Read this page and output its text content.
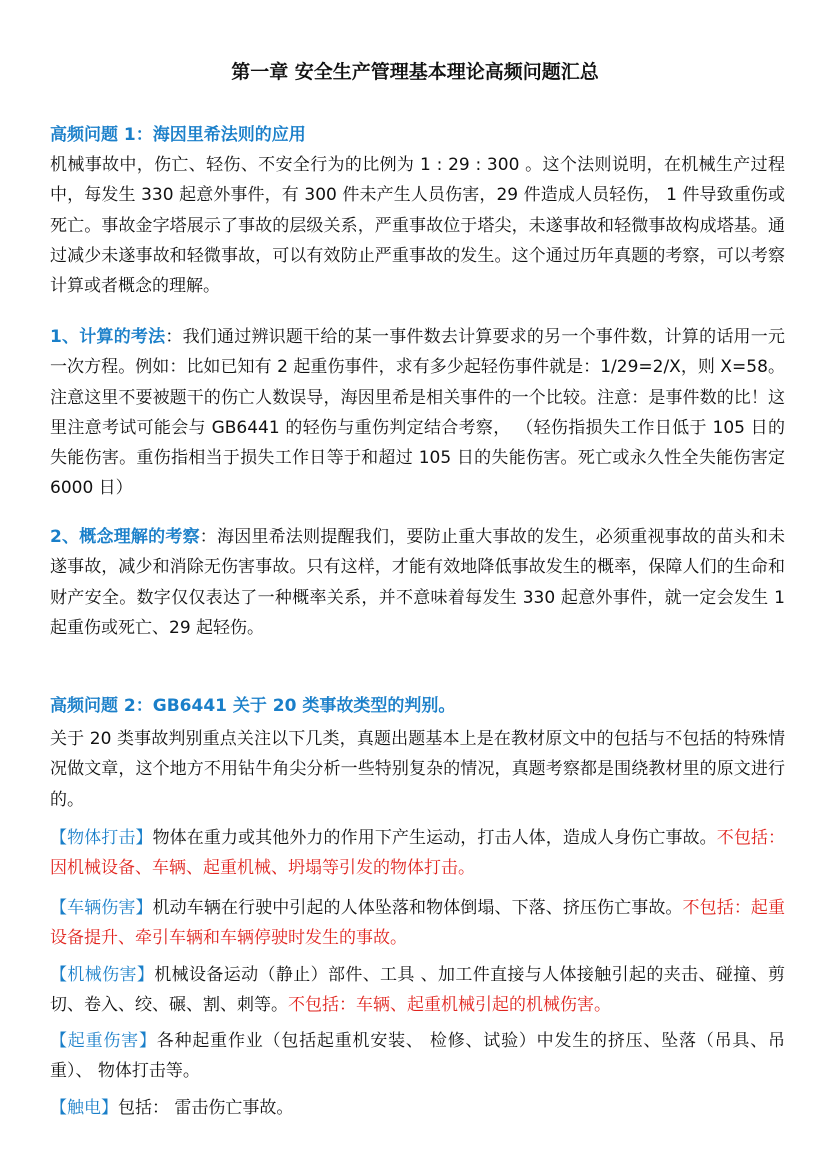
第一章 安全生产管理基本理论高频问题汇总
高频问题 1：海因里希法则的应用
机械事故中，伤亡、轻伤、不安全行为的比例为 1 : 29 : 300 。这个法则说明，在机械生产过程中，每发生 330 起意外事件，有 300 件未产生人员伤害，29 件造成人员轻伤， 1 件导致重伤或死亡。事故金字塔展示了事故的层级关系，严重事故位于塔尖，未遂事故和轻微事故构成塔基。通过减少未遂事故和轻微事故，可以有效防止严重事故的发生。这个通过历年真题的考察，可以考察计算或者概念的理解。
1、计算的考法：我们通过辨识题干给的某一事件数去计算要求的另一个事件数，计算的话用一元一次方程。例如：比如已知有 2 起重伤事件，求有多少起轻伤事件就是：1/29=2/X，则 X=58。注意这里不要被题干的伤亡人数误导，海因里希是相关事件的一个比较。注意：是事件数的比！这里注意考试可能会与 GB6441 的轻伤与重伤判定结合考察， （轻伤指损失工作日低于 105 日的失能伤害。重伤指相当于损失工作日等于和超过 105 日的失能伤害。死亡或永久性全失能伤害定 6000 日）
2、概念理解的考察：海因里希法则提醒我们，要防止重大事故的发生，必须重视事故的苗头和未遂事故，减少和消除无伤害事故。只有这样，才能有效地降低事故发生的概率，保障人们的生命和财产安全。数字仅仅表达了一种概率关系，并不意味着每发生 330 起意外事件，就一定会发生 1 起重伤或死亡、29 起轻伤。
高频问题 2：GB6441 关于 20 类事故类型的判别。
关于 20 类事故判别重点关注以下几类，真题出题基本上是在教材原文中的包括与不包括的特殊情况做文章，这个地方不用钻牛角尖分析一些特别复杂的情况，真题考察都是围绕教材里的原文进行的。
【物体打击】物体在重力或其他外力的作用下产生运动，打击人体，造成人身伤亡事故。不包括：因机械设备、车辆、起重机械、坍塌等引发的物体打击。
【车辆伤害】机动车辆在行驶中引起的人体坠落和物体倒塌、下落、挤压伤亡事故。不包括：起重设备提升、牵引车辆和车辆停驶时发生的事故。
【机械伤害】机械设备运动（静止）部件、工具 、加工件直接与人体接触引起的夹击、碰撞、剪切、卷入、绞、碾、割、刺等。不包括：车辆、起重机械引起的机械伤害。
【起重伤害】各种起重作业（包括起重机安装、 检修、试验）中发生的挤压、坠落（吊具、吊重）、 物体打击等。
【触电】包括： 雷击伤亡事故。
